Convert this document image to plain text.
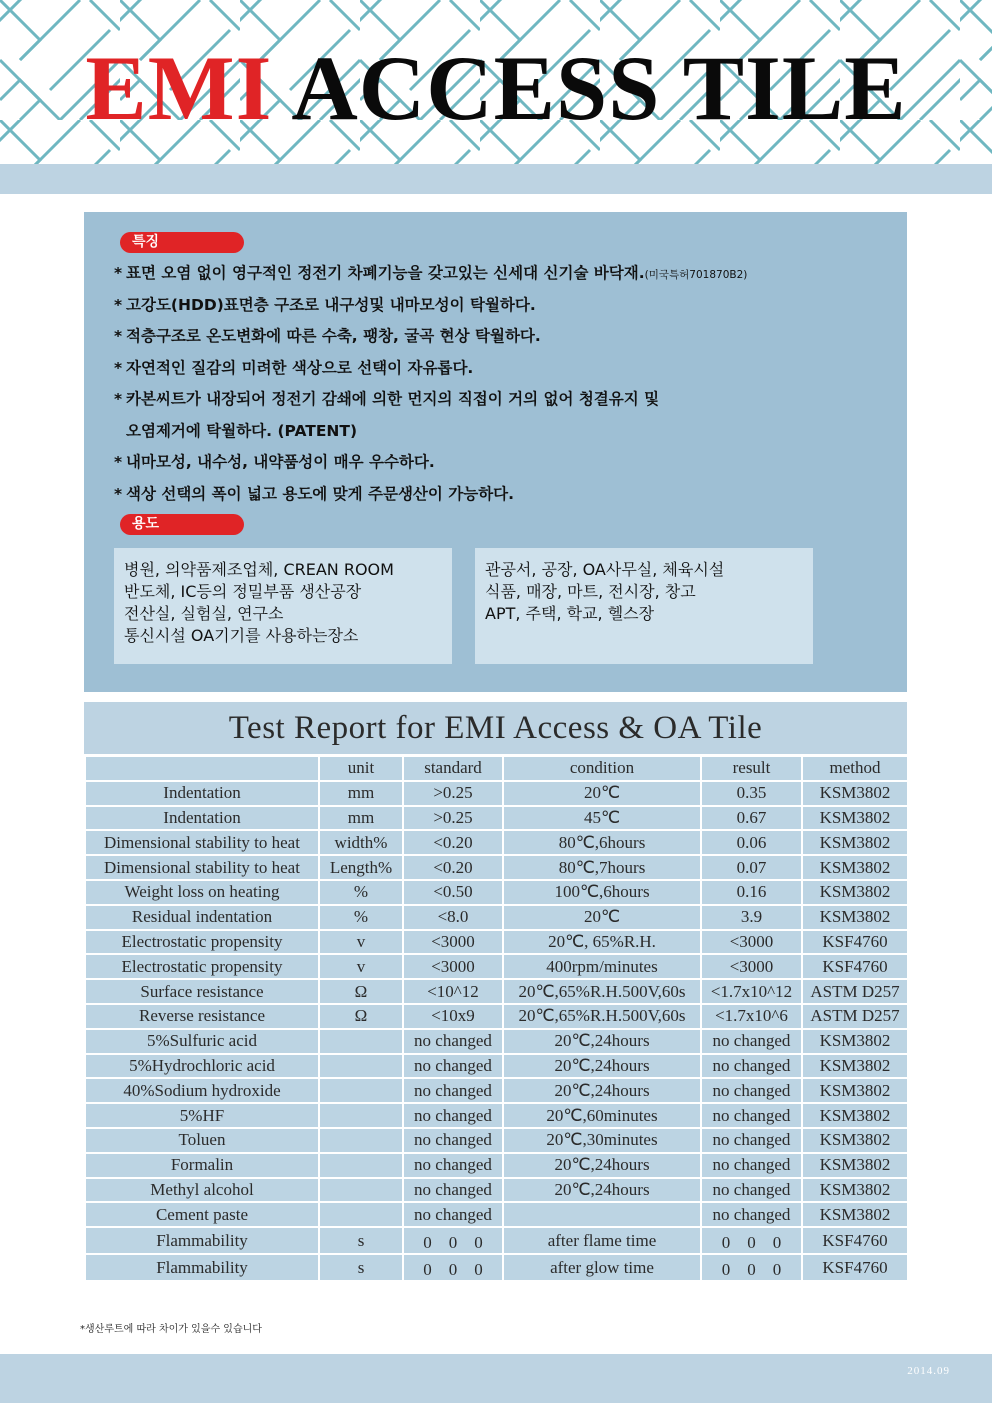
EMI ACCESS TILE
특징
* 표면 오염 없이 영구적인 정전기 차폐기능을 갖고있는 신세대 신기술 바닥재.(미국특허701870B2)
* 고강도(HDD)표면층 구조로 내구성및 내마모성이 탁월하다.
* 적층구조로 온도변화에 따른 수축, 팽창, 굴곡 현상 탁월하다.
* 자연적인 질감의 미려한 색상으로 선택이 자유롭다.
* 카본씨트가 내장되어 정전기 감쇄에 의한 먼지의 직접이 거의 없어 청결유지 및
오염제거에 탁월하다. (PATENT)
* 내마모성, 내수성, 내약품성이 매우 우수하다.
* 색상 선택의 폭이 넓고 용도에 맞게 주문생산이 가능하다.
용도
병원, 의약품제조업체, CREAN ROOM
반도체, IC등의 정밀부품 생산공장
전산실, 실험실, 연구소
통신시설 OA기기를 사용하는장소
관공서, 공장, OA사무실, 체육시설
식품, 매장, 마트, 전시장, 창고
APT, 주택, 학교, 헬스장
Test Report for EMI Access & OA Tile
	unit	standard	condition	result	method
Indentation	mm	>0.25	20℃	0.35	KSM3802
Indentation	mm	>0.25	45℃	0.67	KSM3802
Dimensional stability to heat	width%	<0.20	80℃,6hours	0.06	KSM3802
Dimensional stability to heat	Length%	<0.20	80℃,7hours	0.07	KSM3802
Weight loss on heating	%	<0.50	100℃,6hours	0.16	KSM3802
Residual indentation	%	<8.0	20℃	3.9	KSM3802
Electrostatic propensity	v	<3000	20℃, 65%R.H.	<3000	KSF4760
Electrostatic propensity	v	<3000	400rpm/minutes	<3000	KSF4760
Surface resistance	Ω	<10^12	20℃,65%R.H.500V,60s	<1.7x10^12	ASTM D257
Reverse resistance	Ω	<10x9	20℃,65%R.H.500V,60s	<1.7x10^6	ASTM D257
5%Sulfuric acid		no changed	20℃,24hours	no changed	KSM3802
5%Hydrochloric acid		no changed	20℃,24hours	no changed	KSM3802
40%Sodium hydroxide		no changed	20℃,24hours	no changed	KSM3802
5%HF		no changed	20℃,60minutes	no changed	KSM3802
Toluen		no changed	20℃,30minutes	no changed	KSM3802
Formalin		no changed	20℃,24hours	no changed	KSM3802
Methyl alcohol		no changed	20℃,24hours	no changed	KSM3802
Cement paste		no changed		no changed	KSM3802
Flammability	s	0　0　0	after flame time	0　0　0	KSF4760
Flammability	s	0　0　0	after glow time	0　0　0	KSF4760
*생산루트에 따라 차이가 있을수 있습니다
2014.09
